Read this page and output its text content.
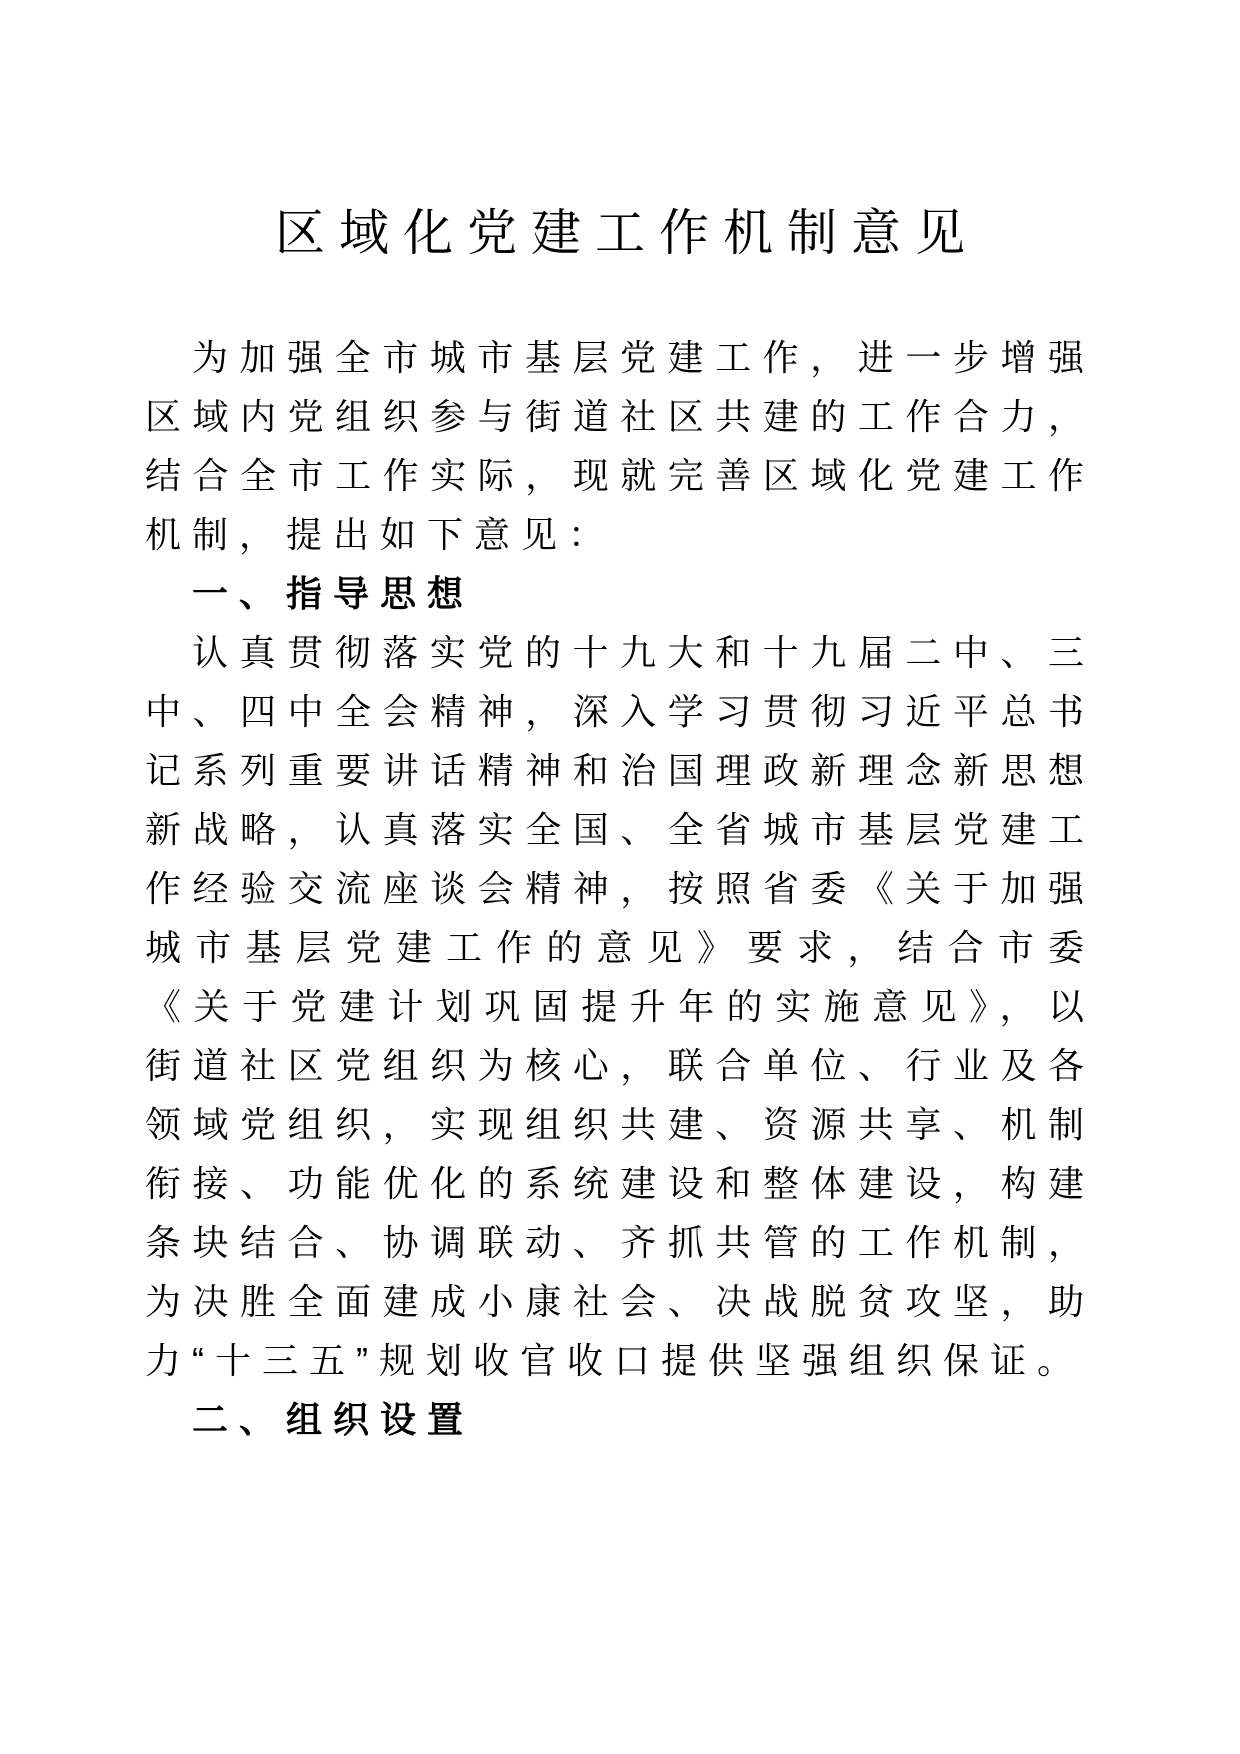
区域化党建工作机制意见
为加强全市城市基层党建工作，进一步增强区域内党组织参与街道社区共建的工作合力，结合全市工作实际，现就完善区域化党建工作机制，提出如下意见：
一、指导思想
认真贯彻落实党的十九大和十九届二中、三中、四中全会精神，深入学习贯彻习近平总书记系列重要讲话精神和治国理政新理念新思想新战略，认真落实全国、全省城市基层党建工作经验交流座谈会精神，按照省委《关于加强城市基层党建工作的意见》要求，结合市委《关于党建计划巩固提升年的实施意见》，以街道社区党组织为核心，联合单位、行业及各领域党组织，实现组织共建、资源共享、机制衔接、功能优化的系统建设和整体建设，构建条块结合、协调联动、齐抓共管的工作机制，为决胜全面建成小康社会、决战脱贫攻坚，助力“十三五”规划收官收口提供坚强组织保证。
二、组织设置
